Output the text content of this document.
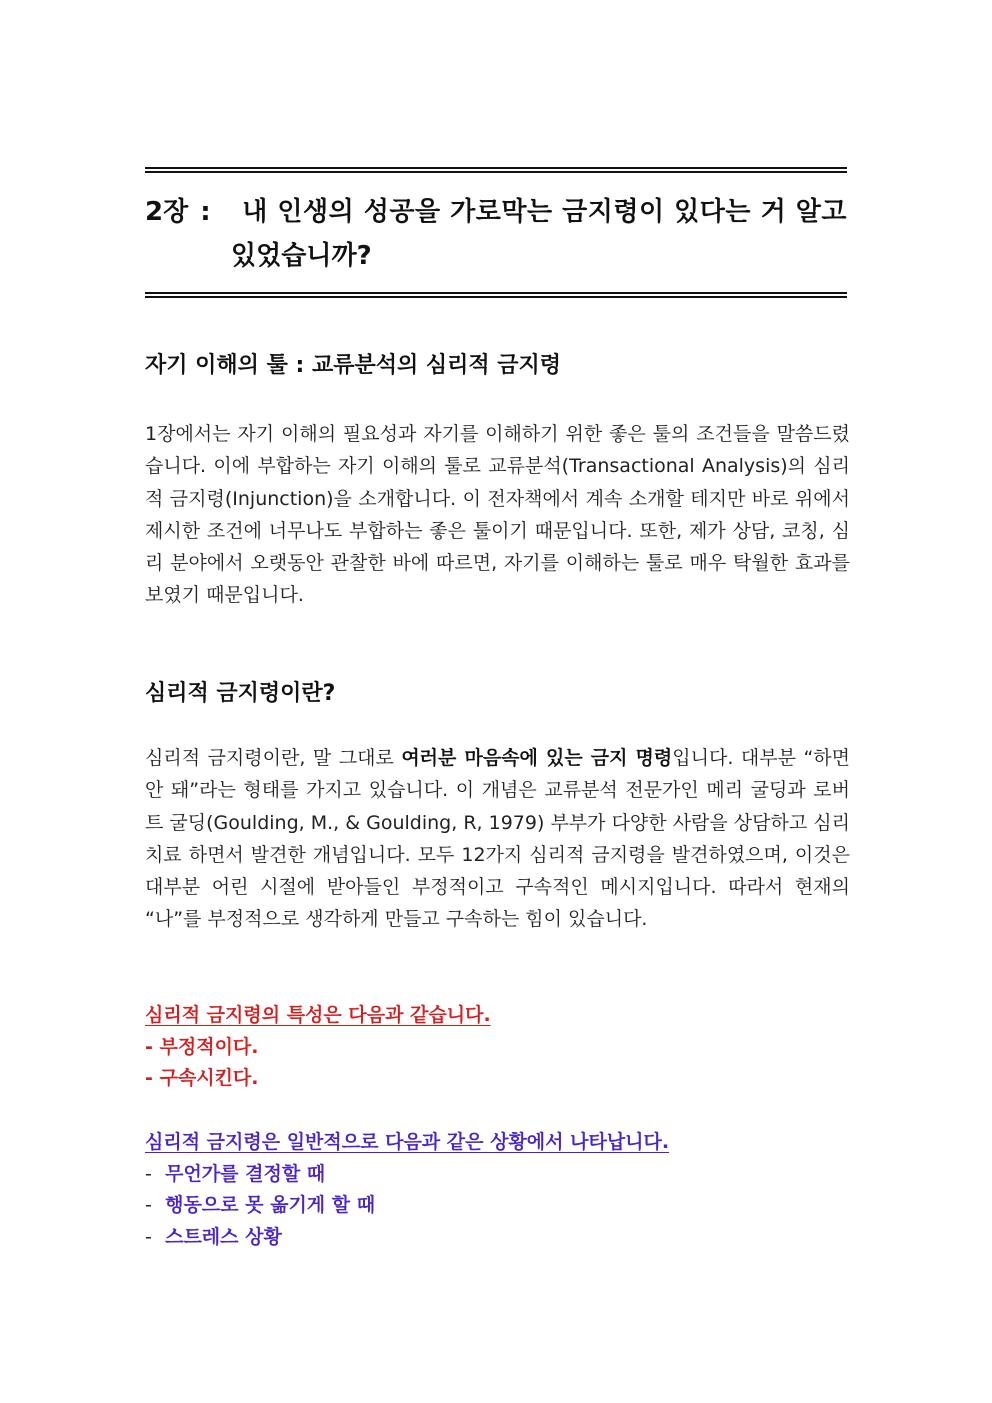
2장 : 내 인생의 성공을 가로막는 금지령이 있다는 거 알고
있었습니까?
자기 이해의 툴 : 교류분석의 심리적 금지령
1장에서는 자기 이해의 필요성과 자기를 이해하기 위한 좋은 툴의 조건들을 말씀드렸습니다. 이에 부합하는 자기 이해의 툴로 교류분석(Transactional Analysis)의 심리적 금지령(Injunction)을 소개합니다. 이 전자책에서 계속 소개할 테지만 바로 위에서 제시한 조건에 너무나도 부합하는 좋은 툴이기 때문입니다. 또한, 제가 상담, 코칭, 심리 분야에서 오랫동안 관찰한 바에 따르면, 자기를 이해하는 툴로 매우 탁월한 효과를 보였기 때문입니다.
심리적 금지령이란?
심리적 금지령이란, 말 그대로 여러분 마음속에 있는 금지 명령입니다. 대부분 “하면 안 돼”라는 형태를 가지고 있습니다. 이 개념은 교류분석 전문가인 메리 굴딩과 로버트 굴딩(Goulding, M., & Goulding, R, 1979) 부부가 다양한 사람을 상담하고 심리치료 하면서 발견한 개념입니다. 모두 12가지 심리적 금지령을 발견하였으며, 이것은 대부분 어린 시절에 받아들인 부정적이고 구속적인 메시지입니다. 따라서 현재의 “나”를 부정적으로 생각하게 만들고 구속하는 힘이 있습니다.
심리적 금지령의 특성은 다음과 같습니다.
- 부정적이다.
- 구속시킨다.
심리적 금지령은 일반적으로 다음과 같은 상황에서 나타납니다.
- 무언가를 결정할 때
- 행동으로 못 옮기게 할 때
- 스트레스 상황
